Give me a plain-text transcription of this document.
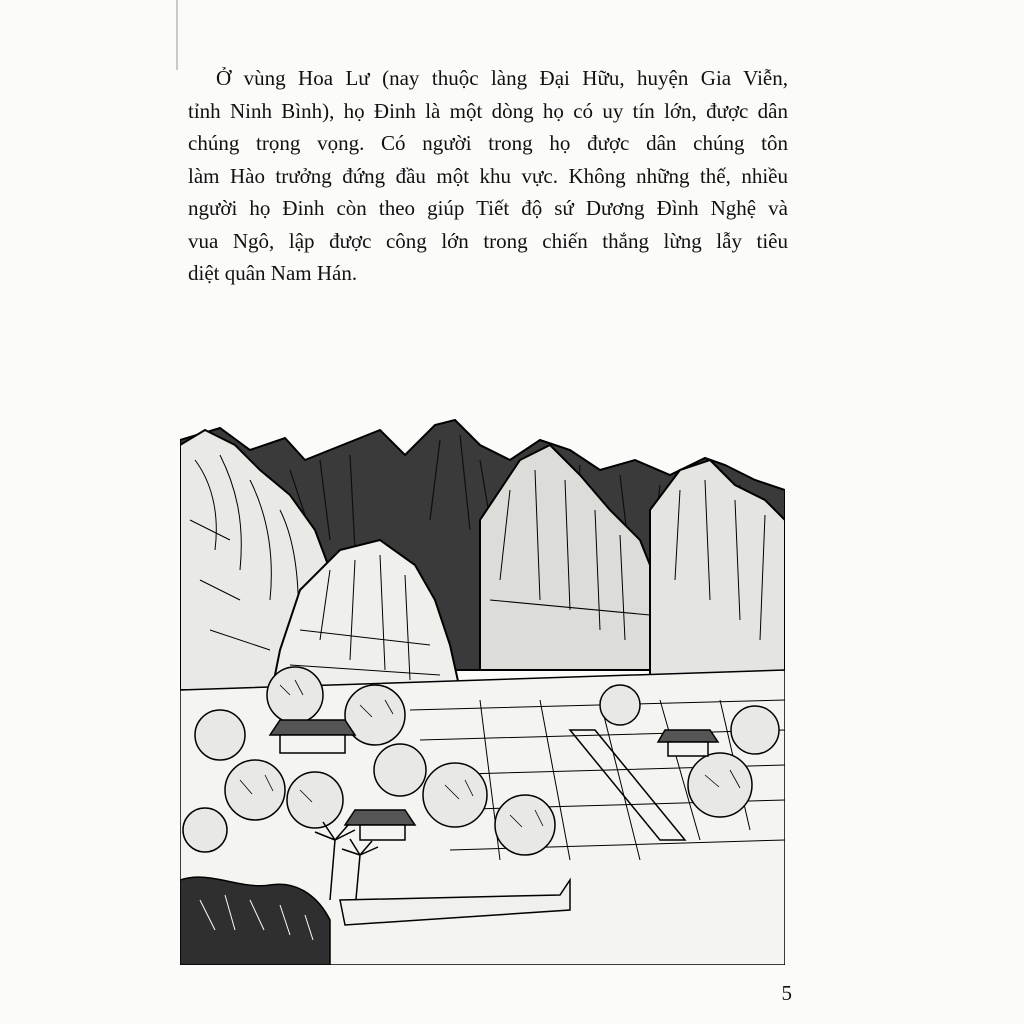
Ở vùng Hoa Lư (nay thuộc làng Đại Hữu, huyện Gia Viễn,
tỉnh Ninh Bình), họ Đinh là một dòng họ có uy tín lớn, được dân
chúng trọng vọng. Có người trong họ được dân chúng tôn
làm Hào trưởng đứng đầu một khu vực. Không những thế, nhiều
người họ Đinh còn theo giúp Tiết độ sứ Dương Đình Nghệ và
vua Ngô, lập được công lớn trong chiến thắng lừng lẫy tiêu
diệt quân Nam Hán.

5
